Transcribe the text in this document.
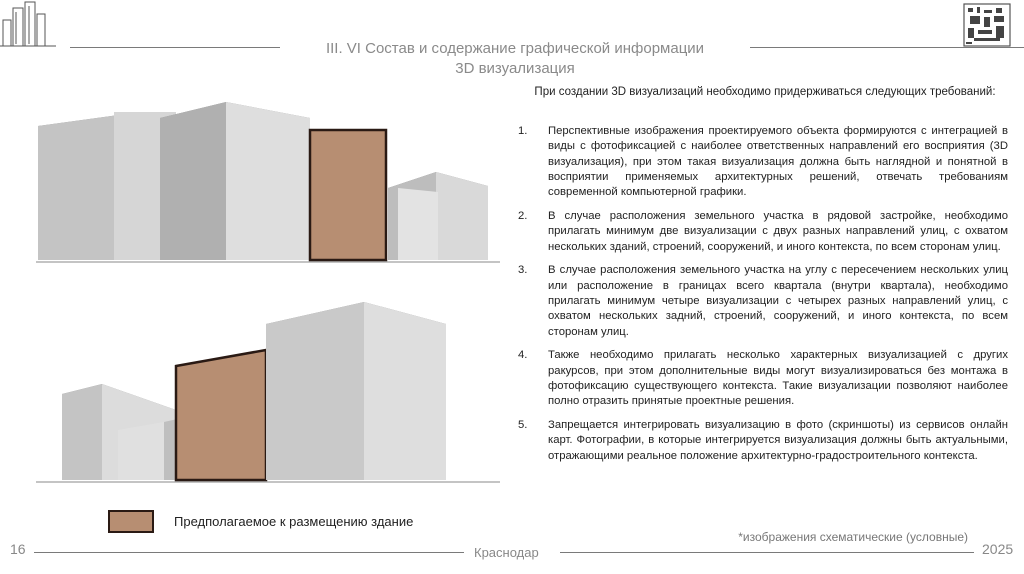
III. VI Состав и содержание графической информации
3D визуализация
При создании 3D визуализаций необходимо придерживаться следующих требований:
1. Перспективные изображения проектируемого объекта формируются с интеграцией в виды с фотофиксацией с наиболее ответственных направлений его восприятия (3D визуализация), при этом такая визуализация должна быть наглядной и понятной в восприятии применяемых архитектурных решений, отвечать требованиям современной компьютерной графики.
2. В случае расположения земельного участка в рядовой застройке, необходимо прилагать минимум две визуализации с двух разных направлений улиц, с охватом нескольких зданий, строений, сооружений, и иного контекста, по всем сторонам улиц.
3. В случае расположения земельного участка на углу с пересечением нескольких улиц или расположение в границах всего квартала (внутри квартала), необходимо прилагать минимум четыре визуализации с четырех разных направлений улиц, с охватом нескольких задний, строений, сооружений, и иного контекста, по всем сторонам улиц.
4. Также необходимо прилагать несколько характерных визуализацией с других ракурсов, при этом дополнительные виды могут визуализироваться без монтажа в фотофиксацию существующего контекста. Такие визуализации позволяют наиболее полно отразить принятые проектные решения.
5. Запрещается интегрировать визуализацию в фото (скриншоты) из сервисов онлайн карт. Фотографии, в которые интегрируется визуализация должны быть актуальными, отражающими реальное положение архитектурно-градостроительного контекста.
Предполагаемое к размещению здание
*изображения схематические (условные)
16	Краснодар	2025
